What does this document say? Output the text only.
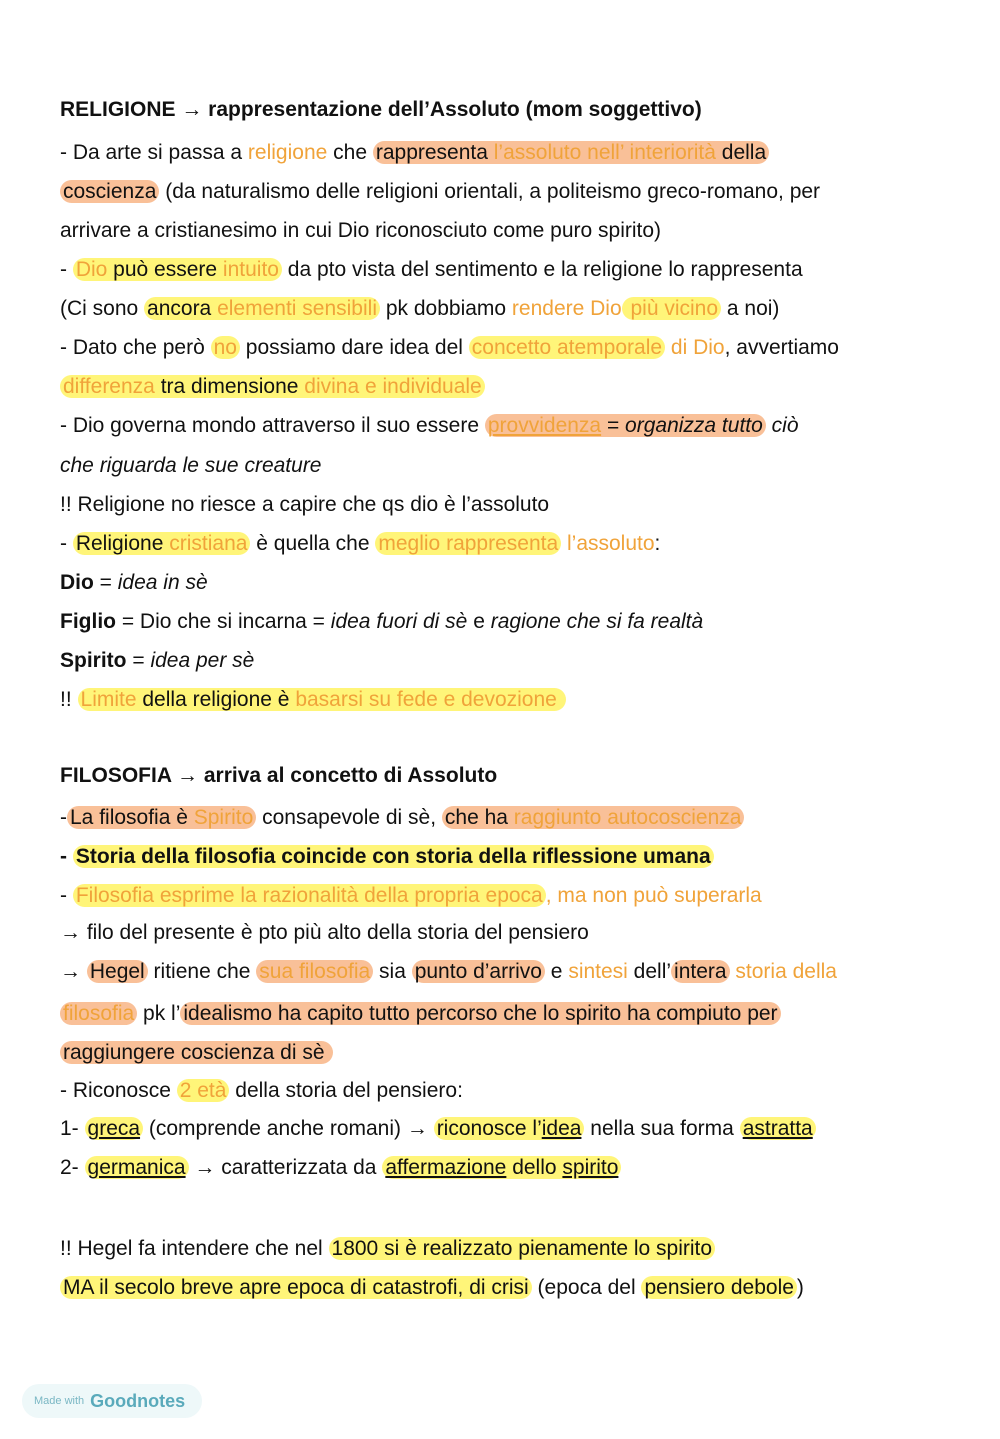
RELIGIONE → rappresentazione dell’Assoluto (mom soggettivo)
- Da arte si passa a religione che rappresenta l’assoluto nell’ interiorità della
coscienza (da naturalismo delle religioni orientali, a politeismo greco-romano, per
arrivare a cristianesimo in cui Dio riconosciuto come puro spirito)
- Dio può essere intuito da pto vista del sentimento e la religione lo rappresenta
(Ci sono ancora elementi sensibili pk dobbiamo rendere Dio più vicino a noi)
- Dato che però no possiamo dare idea del concetto atemporale di Dio, avvertiamo
differenza tra dimensione divina e individuale
- Dio governa mondo attraverso il suo essere provvidenza = organizza tutto ciò
che riguarda le sue creature
!! Religione no riesce a capire che qs dio è l’assoluto
- Religione cristiana è quella che meglio rappresenta l’assoluto:
Dio = idea in sè
Figlio = Dio che si incarna = idea fuori di sè e ragione che si fa realtà
Spirito = idea per sè
!! Limite della religione è basarsi su fede e devozione
FILOSOFIA → arriva al concetto di Assoluto
- La filosofia è Spirito consapevole di sè, che ha raggiunto autocoscienza
- Storia della filosofia coincide con storia della riflessione umana
- Filosofia esprime la razionalità della propria epoca , ma non può superarla
→ filo del presente è pto più alto della storia del pensiero
→ Hegel ritiene che sua filosofia sia punto d’arrivo e sintesi dell’ intera storia della
filosofia pk l’ idealismo ha capito tutto percorso che lo spirito ha compiuto per
raggiungere coscienza di sè
- Riconosce 2 età della storia del pensiero:
1- greca (comprende anche romani) → riconosce l’idea nella sua forma astratta
2- germanica → caratterizzata da affermazione dello spirito
!! Hegel fa intendere che nel 1800 si è realizzato pienamente lo spirito
MA il secolo breve apre epoca di catastrofi, di crisi (epoca del pensiero debole )
Made with Goodnotes
